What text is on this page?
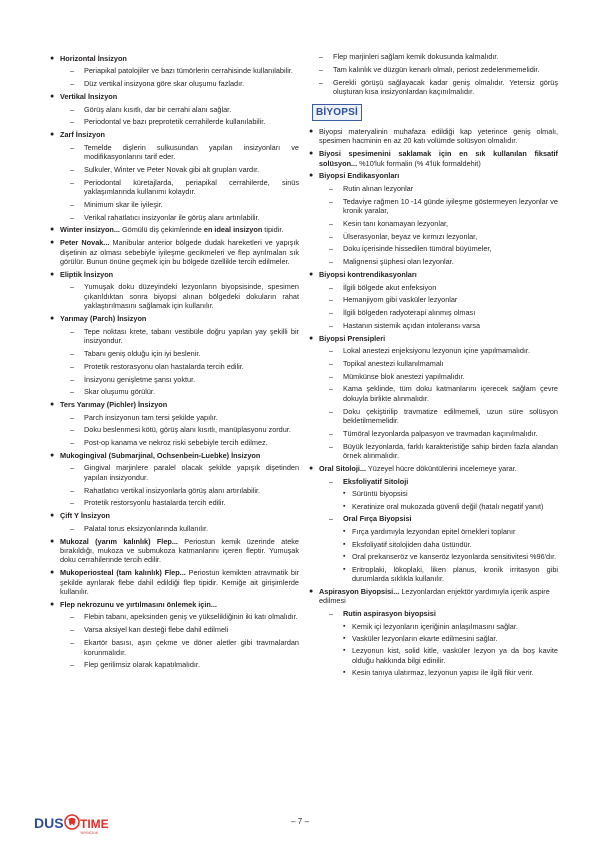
● Horizontal İnsizyon
– Periapikal patolojiler ve bazı tümörlerin cerrahisinde kullanılabilir.
– Düz vertikal insizyona göre skar oluşumu fazladır.
● Vertikal İnsizyon
– Görüş alanı kısıtlı, dar bir cerrahi alanı sağlar.
– Periodontal ve bazı preprotetik cerrahilerde kullanılabilir.
● Zarf İnsizyon
– Temelde dişlerin sulkusundan yapılan insizyonları ve modifikasyonlarını tarif eder.
– Sulkuler, Winter ve Peter Novak gibi alt grupları vardır.
– Periodontal küretajlarda, periapikal cerrahilerde, sinüs yaklaşımlarında kullanımı kolaydır.
– Minimum skar ile iyileşir.
– Verikal rahatlatıcı insizyonlar ile görüş alanı artırılabilir.
● Winter insizyon... Gömülü diş çekimlerinde en ideal insizyon tipidir.
● Peter Novak... Manibular anterior bölgede dudak hareketleri ve yapışık dişetinin az olması sebebiyle iyileşme gecikmeleri ve flep ayrılmaları sık görülür. Bunun önüne geçmek için bu bölgede özellikle tercih edilmeler.
● Eliptik İnsizyon
– Yumuşak doku düzeyindeki lezyonların biyopsisinde, spesimen çıkarıldıktan sonra biyopsi alınan bölgedeki dokuların rahat yaklaştırılmasını sağlamak için kullanılır.
● Yarımay (Parch) İnsizyon
– Tepe noktası krete, tabanı vestibüle doğru yapılan yay şekilli bir insizyondur.
– Tabanı geniş olduğu için iyi beslenir.
– Protetik restorasyonu olan hastalarda tercih edilir.
– İnsizyonu genişletme şansı yoktur.
– Skar oluşumu görülür.
● Ters Yarımay (Pichler) İnsizyon
– Parch insizyonun tam tersi şekilde yapılır.
– Doku beslenmesi kötü, görüş alanı kısıtlı, manüplasyonu zordur.
– Post-op kanama ve nekroz riski sebebiyle tercih edilmez.
● Mukogingival (Submarjinal, Ochsenbein-Luebke) İnsizyon
– Gingival marjinlere paralel olacak şekilde yapışık dişetinden yapılan insizyondur.
– Rahatlatıcı vertikal insizyonlarla görüş alanı artırılabilir.
– Protetik restorsyonlu hastalarda tercih edilir.
● Çift Y İnsizyon
– Palatal torus eksizyonlarında kullanılır.
● Mukozal (yarım kalınlık) Flep... Periostun kemik üzerinde ateke bırakıldığı, mukoza ve submukoza katmanlarını içeren fleptir. Yumuşak doku cerrahilerinde tercih edilir.
● Mukoperiosteal (tam kalınlık) Flep... Periostun kemikten atravmatik bir şekilde ayrılarak flebe dahil edildiği flep tipidir. Kemiğe ait girişimlerde kullanılır.
● Flep nekrozunu ve yırtılmasını önlemek için...
– Flebin tabanı, apeksinden geniş ve yükselikliğinin iki katı olmalıdır.
– Varsa aksiyel kan desteği flebe dahil edilmeli
– Ekartör basısı, aşırı çekme ve döner aletler gibi travmalardan korunmalıdır.
– Flep gerilimsiz olarak kapatılmalıdır.
– Flep marjinleri sağlam kemik dokusunda kalmalıdır.
– Tam kalınlık ve düzgün kenarlı olmalı, periost zedelenmemelidir.
– Gerekli görüşü sağlayacak kadar geniş olmalıdır. Yetersiz görüş oluşturan kısa insizyonlardan kaçınılmalıdır.
BİYOPSİ
● Biyopsi materyalinin muhafaza edildiği kap yeterince geniş olmalı, spesimen hacminin en az 20 katı volümde solüsyon olmalıdır.
● Biyosi spesimenini saklamak için en sık kullanılan fiksatif solüsyon... %10'luk formalin (% 4'lük formaldehit)
● Biyopsi Endikasyonları
– Rutin alınan lezyonlar
– Tedaviye rağmen 10 -14 günde iyileşme göstermeyen lezyonlar ve kronik yaralar,
– Kesin tanı konamayan lezyonlar,
– Ülserasyonlar, beyaz ve kırmızı lezyonlar,
– Doku içerisinde hissedilen tümöral büyümeler,
– Malignensi şüphesi olan lezyonlar.
● Biyopsi kontrendikasyonları
– İlgili bölgede akut enfeksiyon
– Hemanjiyom gibi vasküler lezyonlar
– İlgili bölgeden radyoterapi alınmış olması
– Hastanın sistemik açıdan intoleransı varsa
● Biyopsi Prensipleri
– Lokal anestezi enjeksiyonu lezyonun içine yapılmamalıdır.
– Topikal anestezi kullanılmamalı
– Mümkünse blok anestezi yapılmalıdır.
– Kama şeklinde, tüm doku katmanlarını içerecek sağlam çevre dokuyla birlikte alınmalıdır.
– Doku çekiştirilip travmatize edilmemeli, uzun süre solüsyon bekletilmemelidir.
– Tümöral lezyonlarda palpasyon ve travmadan kaçınılmalıdır.
– Büyük lezyonlarda, farklı karakteristiğe sahip birden fazla alandan örnek alınmalıdır.
● Oral Sitoloji... Yüzeyel hücre döküntülerini incelemeye yarar.
– Eksfoliyatif Sitoloji
▪ Sürüntü biyopsisi
▪ Keratinize oral mukozada güvenli değil (hatalı negatif yanıt)
– Oral Fırça Biyopsisi
▪ Fırça yardımıyla lezyondan epitel örnekleri toplanır
▪ Eksfoliyatif sitolojiden daha üstündür.
▪ Oral prekanseröz ve kanseröz lezyonlarda sensitivitesi %96'dır.
▪ Eritroplaki, lökoplaki, liken planus, kronik irritasyon gibi durumlarda sıklıkla kullanılır.
● Aspirasyon Biyopsisi... Lezyonlardan enjektör yardımıyla içerik aspire edilmesi
– Rutin aspirasyon biyopsisi
▪ Kemik içi lezyonların içeriğinin anlaşılmasını sağlar.
▪ Vasküler lezyonların ekarte edilmesini sağlar.
▪ Lezyonun kist, solid kitle, vasküler lezyon ya da boş kavite olduğu hakkında bilgi edinilir.
▪ Kesin tanıya ulatırmaz, lezyonun yapısı ile ilgili fikir verir.
DUS TIME
YAYINCILIK
– 7 –
